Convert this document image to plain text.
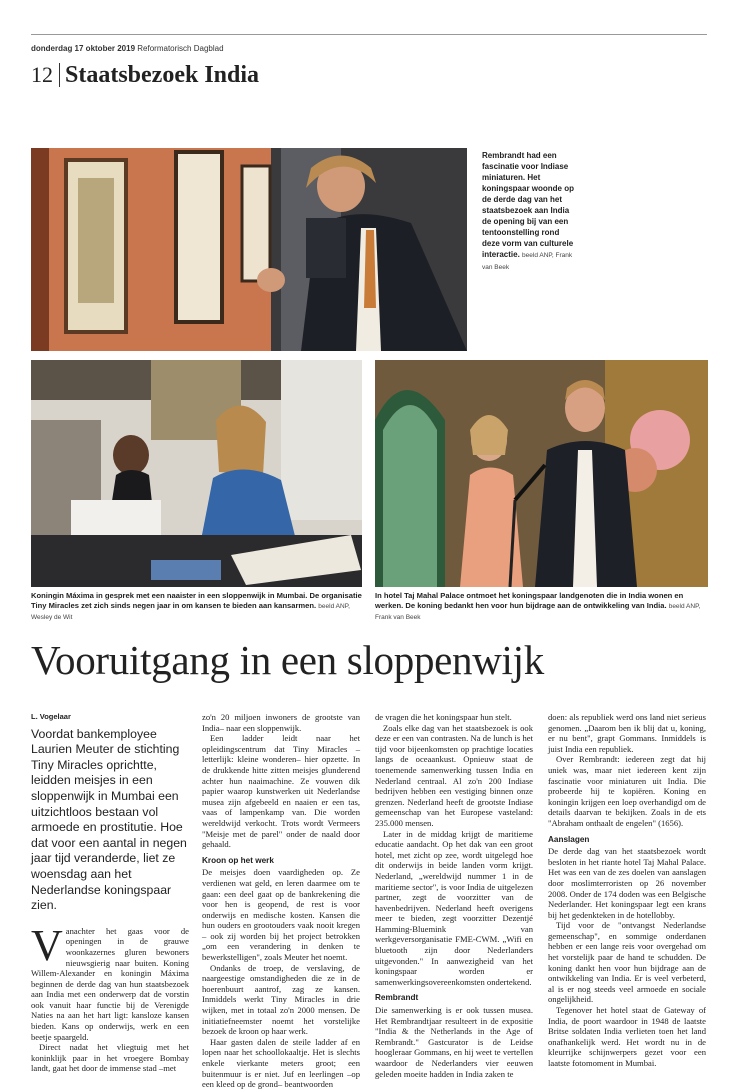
donderdag 17 oktober 2019 Reformatorisch Dagblad
12 Staatsbezoek India
Rembrandt had een fascinatie voor Indiase miniaturen. Het koningspaar woonde op de derde dag van het staatsbezoek aan India de opening bij van een tentoonstelling rond deze vorm van culturele interactie. beeld ANP, Frank van Beek
Koningin Máxima in gesprek met een naaister in een sloppenwijk in Mumbai. De organisatie Tiny Miracles zet zich sinds negen jaar in om kansen te bieden aan kansarmen. beeld ANP, Wesley de Wit
In hotel Taj Mahal Palace ontmoet het koningspaar landgenoten die in India wonen en werken. De koning bedankt hen voor hun bijdrage aan de ontwikkeling van India. beeld ANP, Frank van Beek
Vooruitgang in een sloppenwijk
L. Vogelaar
Voordat bankemployee Laurien Meuter de stichting Tiny Miracles oprichtte, leidden meisjes in een sloppenwijk in Mumbai een uitzichtloos bestaan vol armoede en prostitutie. Hoe dat voor een aantal in negen jaar tijd veranderde, liet ze woensdag aan het Nederlandse koningspaar zien.

Vanachter het gaas voor de openingen in de grauwe woonkazernes gluren bewoners nieuwsgierig naar buiten. Koning Willem-Alexander en koningin Máxima beginnen de derde dag van hun staatsbezoek aan India met een onderwerp dat de vorstin ook vanuit haar functie bij de Verenigde Naties na aan het hart ligt: kansloze kansen bieden. Kans op onderwijs, werk en een beetje spaargeld.

Direct nadat het vliegtuig met het koninklijk paar in het vroegere Bombay landt, gaat het door de immense stad –met

zo'n 20 miljoen inwoners de grootste van India– naar een sloppenwijk.

Een ladder leidt naar het opleidingscentrum dat Tiny Miracles –letterlijk: kleine wonderen– hier opzette. In de drukkende hitte zitten meisjes glunderend achter hun naaimachine. Ze vouwen dik papier waarop kunstwerken uit Nederlandse musea zijn afgebeeld en naaien er een tas, vaas of lampenkamp van. Die worden wereldwijd verkocht. Trots wordt Vermeers "Meisje met de parel" onder de naald door gehaald.

Kroon op het werk

De meisjes doen vaardigheden op. Ze verdienen wat geld, en leren daarmee om te gaan: een deel gaat op de bankrekening die voor hen is geopend, de rest is voor onderwijs en medische kosten. Kansen die hun ouders en grootouders vaak nooit kregen – ook zij worden bij het project betrokken „om een verandering in denken te bewerkstelligen", zoals Meuter het noemt.

Ondanks de troep, de verslaving, de naargeestige omstandigheden die ze in de hoerenbuurt aantrof, zag ze kansen. Inmiddels werkt Tiny Miracles in drie wijken, met in totaal zo'n 2000 mensen. De initiatiefneemster noemt het vorstelijke bezoek de kroon op haar werk.

Haar gasten dalen de steile ladder af en lopen naar het schoollokaaltje. Het is slechts enkele vierkante meters groot; een buitenmuur is er niet. Juf en leerlingen –op een kleed op de grond– beantwoorden

de vragen die het koningspaar hun stelt.

Zoals elke dag van het staatsbezoek is ook deze er een van contrasten. Na de lunch is het tijd voor bijeenkomsten op prachtige locaties langs de oceaankust. Opnieuw staat de toenemende samenwerking tussen India en Nederland centraal. Al zo'n 200 Indiase bedrijven hebben een vestiging binnen onze grenzen. Nederland heeft de grootste Indiase gemeenschap van het Europese vasteland: 235.000 mensen.

Later in de middag krijgt de maritieme educatie aandacht. Op het dak van een groot hotel, met zicht op zee, wordt uitgelegd hoe dit onderwijs in beide landen vorm krijgt. Nederland, „wereldwijd nummer 1 in de maritieme sector", is voor India de uitgelezen partner, zegt de voorzitter van de havenbedrijven. Nederland heeft overigens meer te bieden, zegt voorzitter Dezentjé Hamming-Bluemink van werkgeversorganisatie FME-CWM. „Wifi en bluetooth zijn door Nederlanders uitgevonden." In aanwezigheid van het koningspaar worden er samenwerkingsovereenkomsten ondertekend.

Rembrandt

Die samenwerking is er ook tussen musea. Het Rembrandtjaar resulteert in de expositie "India & the Netherlands in the Age of Rembrandt." Gastcurator is de Leidse hoogleraar Gommans, en hij weet te vertellen waardoor de Nederlanders vier eeuwen geleden moeite hadden in India zaken te

doen: als republiek werd ons land niet serieus genomen. „Daarom ben ik blij dat u, koning, er nu bent", grapt Gommans. Inmiddels is juist India een republiek.

Over Rembrandt: iedereen zegt dat hij uniek was, maar niet iedereen kent zijn fascinatie voor miniaturen uit India. Die probeerde hij te kopiëren. Koning en koningin krijgen een loep overhandigd om de details daarvan te bekijken. Zoals in de ets "Abraham onthaalt de engelen" (1656).

Aanslagen

De derde dag van het staatsbezoek wordt besloten in het riante hotel Taj Mahal Palace. Het was een van de zes doelen van aanslagen door moslimterroristen op 26 november 2008. Onder de 174 doden was een Belgische Nederlander. Het koningspaar legt een krans bij het gedenkteken in de hotellobby.

Tijd voor de "ontvangst Nederlandse gemeenschap", en sommige onderdanen hebben er een lange reis voor overgehad om het vorstelijk paar de hand te schudden. De koning dankt hen voor hun bijdrage aan de ontwikkeling van India. Er is veel verbeterd, al is er nog steeds veel armoede en sociale ongelijkheid.

Tegenover het hotel staat de Gateway of India, de poort waardoor in 1948 de laatste Britse soldaten India verlieten toen het land onafhankelijk werd. Het wordt nu in de kleurrijke schijnwerpers gezet voor een laatste fotomoment in Mumbai.
